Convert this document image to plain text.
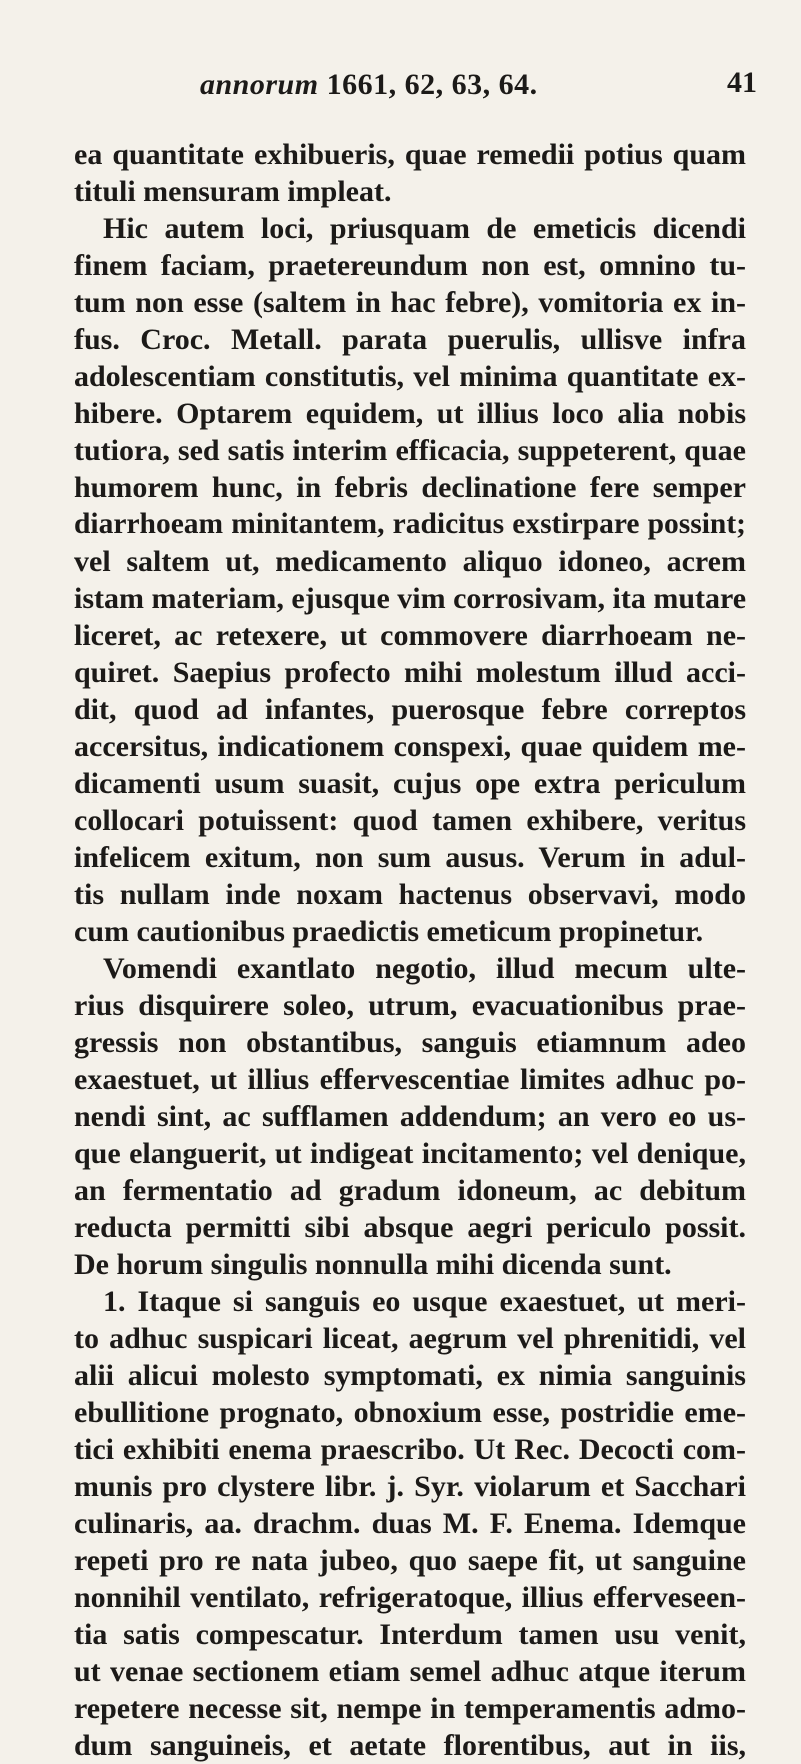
annorum 1661, 62, 63, 64.	41
ea quantitate exhibueris, quae remedii potius quam
tituli mensuram impleat.
Hic autem loci, priusquam de emeticis dicendi
finem faciam, praetereundum non est, omnino tu-
tum non esse (saltem in hac febre), vomitoria ex in-
fus. Croc. Metall. parata puerulis, ullisve infra
adolescentiam constitutis, vel minima quantitate ex-
hibere. Optarem equidem, ut illius loco alia nobis
tutiora, sed satis interim efficacia, suppeterent, quae
humorem hunc, in febris declinatione fere semper
diarrhoeam minitantem, radicitus exstirpare possint;
vel saltem ut, medicamento aliquo idoneo, acrem
istam materiam, ejusque vim corrosivam, ita mutare
liceret, ac retexere, ut commovere diarrhoeam ne-
quiret. Saepius profecto mihi molestum illud acci-
dit, quod ad infantes, puerosque febre correptos
accersitus, indicationem conspexi, quae quidem me-
dicamenti usum suasit, cujus ope extra periculum
collocari potuissent: quod tamen exhibere, veritus
infelicem exitum, non sum ausus. Verum in adul-
tis nullam inde noxam hactenus observavi, modo
cum cautionibus praedictis emeticum propinetur.
Vomendi exantlato negotio, illud mecum ulte-
rius disquirere soleo, utrum, evacuationibus prae-
gressis non obstantibus, sanguis etiamnum adeo
exaestuet, ut illius effervescentiae limites adhuc po-
nendi sint, ac sufflamen addendum; an vero eo us-
que elanguerit, ut indigeat incitamento; vel denique,
an fermentatio ad gradum idoneum, ac debitum
reducta permitti sibi absque aegri periculo possit.
De horum singulis nonnulla mihi dicenda sunt.
1. Itaque si sanguis eo usque exaestuet, ut meri-
to adhuc suspicari liceat, aegrum vel phrenitidi, vel
alii alicui molesto symptomati, ex nimia sanguinis
ebullitione prognato, obnoxium esse, postridie eme-
tici exhibiti enema praescribo. Ut Rec. Decocti com-
munis pro clystere libr. j. Syr. violarum et Sacchari
culinaris, aa. drachm. duas M. F. Enema. Idemque
repeti pro re nata jubeo, quo saepe fit, ut sanguine
nonnihil ventilato, refrigeratoque, illius efferveseen-
tia satis compescatur. Interdum tamen usu venit,
ut venae sectionem etiam semel adhuc atque iterum
repetere necesse sit, nempe in temperamentis admo-
dum sanguineis, et aetate florentibus, aut in iis,
